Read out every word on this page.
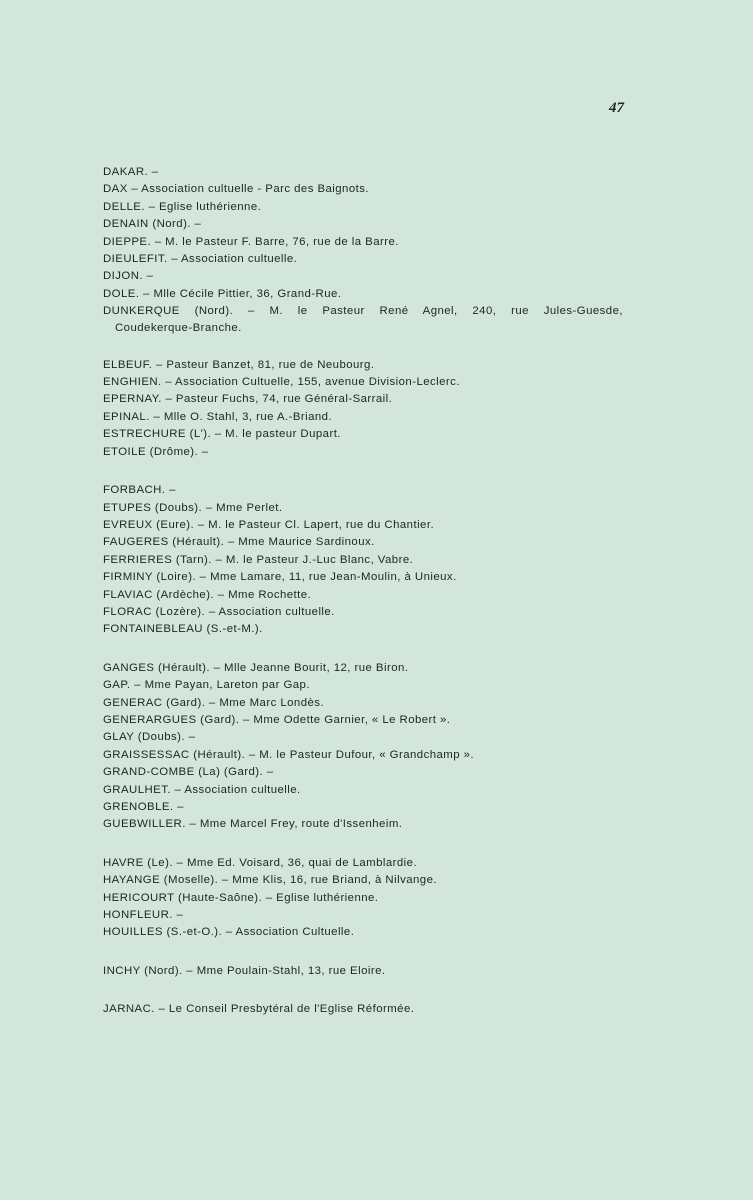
47
DAKAR. –
DAX – Association cultuelle - Parc des Baignots.
DELLE. – Eglise luthérienne.
DENAIN (Nord). –
DIEPPE. – M. le Pasteur F. Barre, 76, rue de la Barre.
DIEULEFIT. – Association cultuelle.
DIJON. –
DOLE. – Mlle Cécile Pittier, 36, Grand-Rue.
DUNKERQUE (Nord). – M. le Pasteur René Agnel, 240, rue Jules-Guesde,
Coudekerque-Branche.
ELBEUF. – Pasteur Banzet, 81, rue de Neubourg.
ENGHIEN. – Association Cultuelle, 155, avenue Division-Leclerc.
EPERNAY. – Pasteur Fuchs, 74, rue Général-Sarrail.
EPINAL. – Mlle O. Stahl, 3, rue A.-Briand.
ESTRECHURE (L'). – M. le pasteur Dupart.
ETOILE (Drôme). –
FORBACH. –
ETUPES (Doubs). – Mme Perlet.
EVREUX (Eure). – M. le Pasteur Cl. Lapert, rue du Chantier.
FAUGERES (Hérault). – Mme Maurice Sardinoux.
FERRIERES (Tarn). – M. le Pasteur J.-Luc Blanc, Vabre.
FIRMINY (Loire). – Mme Lamare, 11, rue Jean-Moulin, à Unieux.
FLAVIAC (Ardèche). – Mme Rochette.
FLORAC (Lozère). – Association cultuelle.
FONTAINEBLEAU (S.-et-M.).
GANGES (Hérault). – Mlle Jeanne Bourit, 12, rue Biron.
GAP. – Mme Payan, Lareton par Gap.
GENERAC (Gard). – Mme Marc Londès.
GENERARGUES (Gard). – Mme Odette Garnier, « Le Robert ».
GLAY (Doubs). –
GRAISSESSAC (Hérault). – M. le Pasteur Dufour, « Grandchamp ».
GRAND-COMBE (La) (Gard). –
GRAULHET. – Association cultuelle.
GRENOBLE. –
GUEBWILLER. – Mme Marcel Frey, route d'Issenheim.
HAVRE (Le). – Mme Ed. Voisard, 36, quai de Lamblardie.
HAYANGE (Moselle). – Mme Klis, 16, rue Briand, à Nilvange.
HERICOURT (Haute-Saône). – Eglise luthérienne.
HONFLEUR. –
HOUILLES (S.-et-O.). – Association Cultuelle.
INCHY (Nord). – Mme Poulain-Stahl, 13, rue Eloire.
JARNAC. – Le Conseil Presbytéral de l'Eglise Réformée.
